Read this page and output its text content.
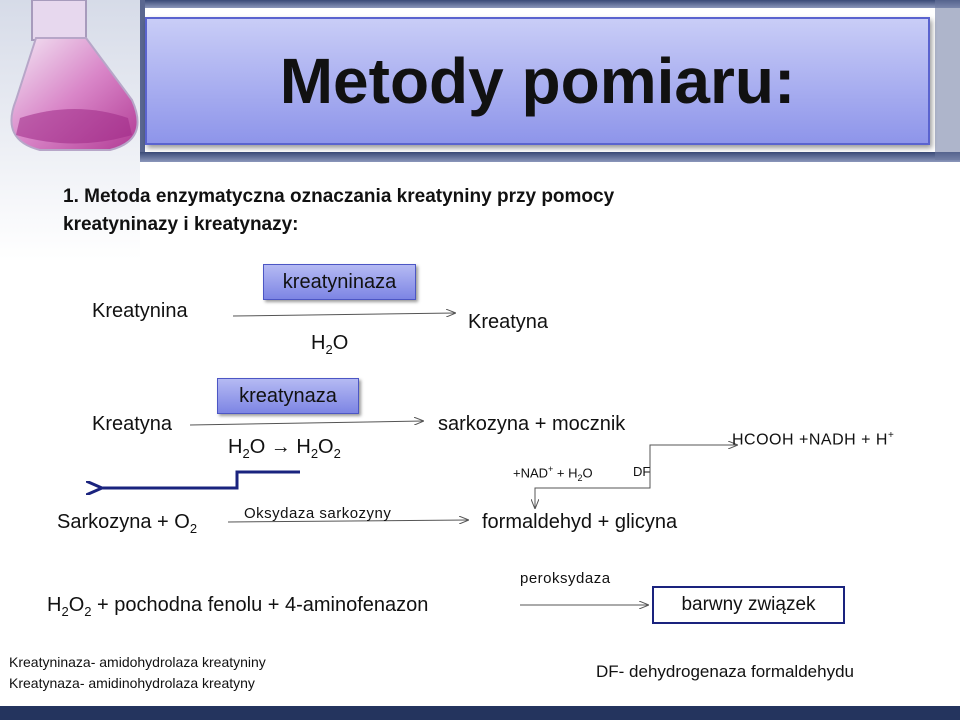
Metody pomiaru:
1. Metoda enzymatyczna oznaczania kreatyniny przy pomocy
kreatyninazy i kreatynazy:
kreatyninaza
Kreatynina	Kreatyna
$H_2O$
kreatynaza
Kreatyna	sarkozyna + mocznik
$H_2O \to H_2O_2$
HCOOH +NADH + H+
$+NAD^+ + H_2O$	DF
Sarkozyna + $O_2$
Oksydaza sarkozyny	formaldehyd + glicyna
peroksydaza
$H_2O_2$ + pochodna fenolu + 4-aminofenazon	barwny związek
Kreatyninaza- amidohydrolaza kreatyniny
Kreatynaza- amidinohydrolaza kreatyny
DF- dehydrogenaza formaldehydu
